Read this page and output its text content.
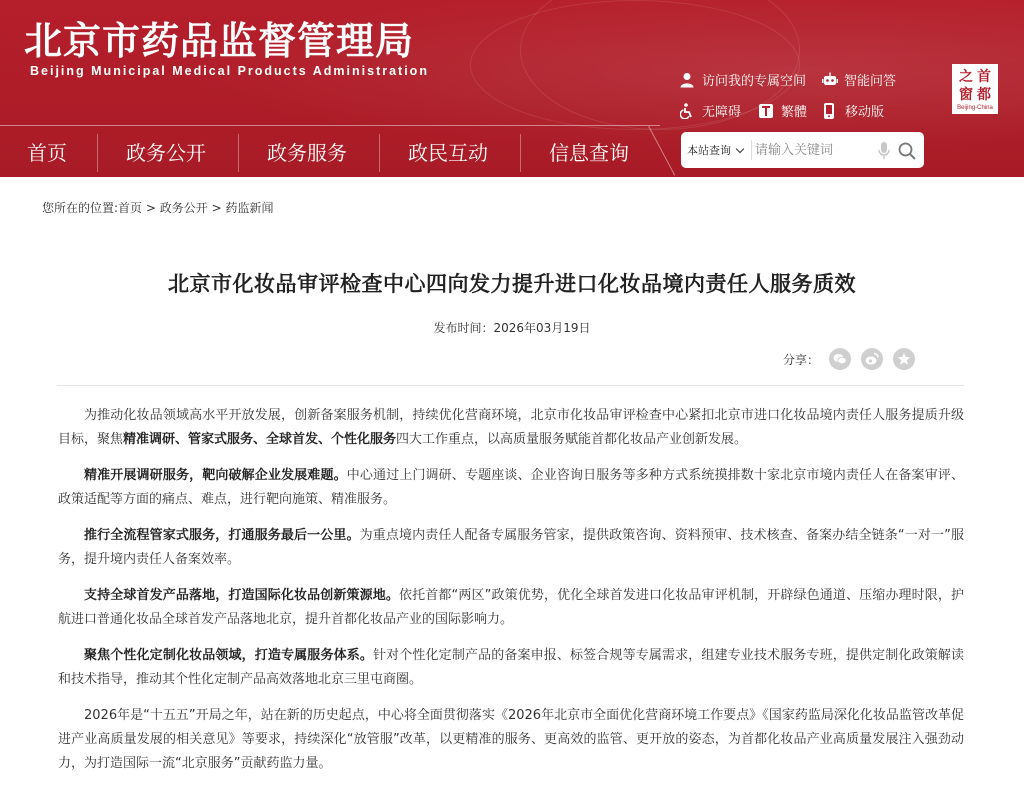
北京市药品监督管理局
Beijing Municipal Medical Products Administration
访问我的专属空间	智能问答
无障碍	繁體	移动版
之 首
窗 都
Beijing-China
首页	政务公开	政务服务	政民互动	信息查询	本站查询
请输入关键词
您所在的位置:首页 > 政务公开 > 药监新闻
北京市化妆品审评检查中心四向发力提升进口化妆品境内责任人服务质效
发布时间：2026年03月19日
分享：

为推动化妆品领域高水平开放发展，创新备案服务机制，持续优化营商环境，北京市化妆品审评检查中心紧扣北京市进口化妆品境内责任人服务提质升级目标，聚焦精准调研、管家式服务、全球首发、个性化服务四大工作重点，以高质量服务赋能首都化妆品产业创新发展。

精准开展调研服务，靶向破解企业发展难题。中心通过上门调研、专题座谈、企业咨询日服务等多种方式系统摸排数十家北京市境内责任人在备案审评、政策适配等方面的痛点、难点，进行靶向施策、精准服务。

推行全流程管家式服务，打通服务最后一公里。为重点境内责任人配备专属服务管家，提供政策咨询、资料预审、技术核查、备案办结全链条“一对一”服务，提升境内责任人备案效率。

支持全球首发产品落地，打造国际化妆品创新策源地。依托首都“两区”政策优势，优化全球首发进口化妆品审评机制，开辟绿色通道、压缩办理时限，护航进口普通化妆品全球首发产品落地北京，提升首都化妆品产业的国际影响力。

聚焦个性化定制化妆品领域，打造专属服务体系。针对个性化定制产品的备案申报、标签合规等专属需求，组建专业技术服务专班，提供定制化政策解读和技术指导，推动其个性化定制产品高效落地北京三里屯商圈。

2026年是“十五五”开局之年，站在新的历史起点，中心将全面贯彻落实《2026年北京市全面优化营商环境工作要点》《国家药监局深化化妆品监管改革促进产业高质量发展的相关意见》等要求，持续深化“放管服”改革，以更精准的服务、更高效的监管、更开放的姿态，为首都化妆品产业高质量发展注入强劲动力，为打造国际一流“北京服务”贡献药监力量。
